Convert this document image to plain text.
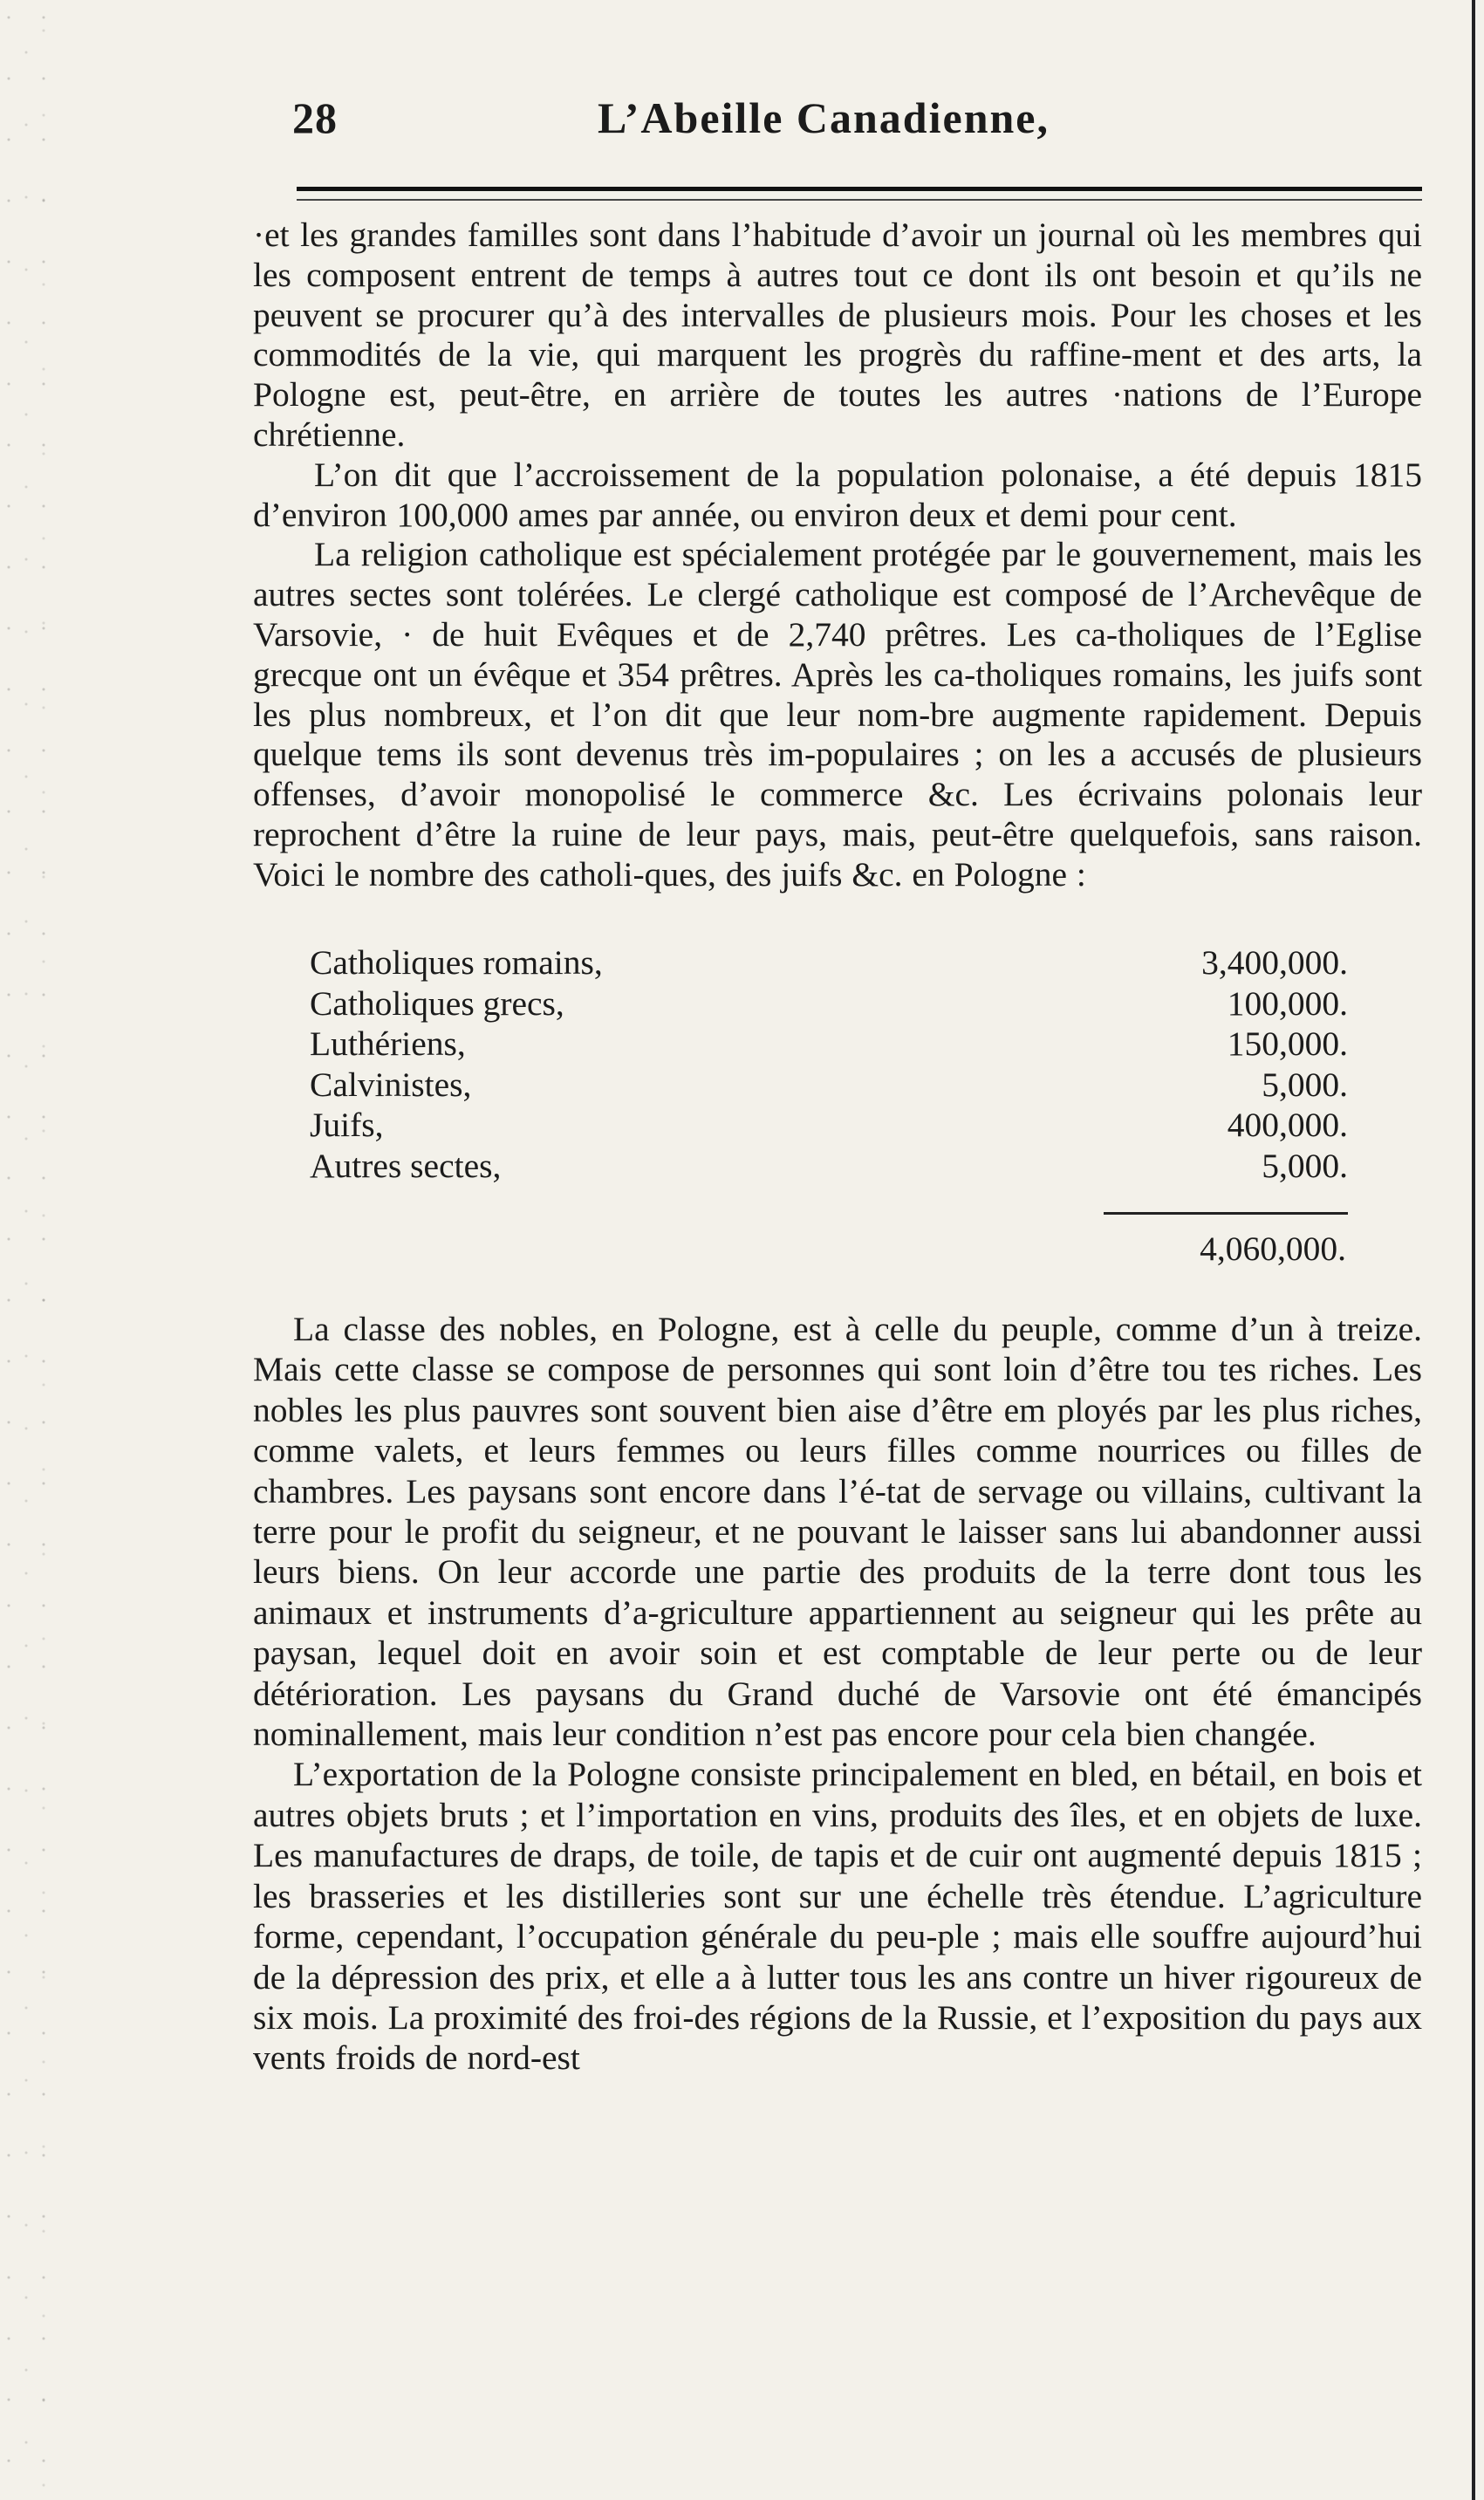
28	L’Abeille Canadienne,

·et les grandes familles sont dans l’habitude d’avoir un journal où les membres qui les composent entrent de temps à autres tout ce dont ils ont besoin et qu’ils ne peuvent se procurer qu’à des intervalles de plusieurs mois. Pour les choses et les commodités de la vie, qui marquent les progrès du raffine-ment et des arts, la Pologne est, peut-être, en arrière de toutes les autres ·nations de l’Europe chrétienne.

L’on dit que l’accroissement de la population polonaise, a été depuis 1815 d’environ 100,000 ames par année, ou environ deux et demi pour cent.

La religion catholique est spécialement protégée par le gouvernement, mais les autres sectes sont tolérées. Le clergé catholique est composé de l’Archevêque de Varsovie, · de huit Evêques et de 2,740 prêtres. Les ca-tholiques de l’Eglise grecque ont un évêque et 354 prêtres. Après les ca-tholiques romains, les juifs sont les plus nombreux, et l’on dit que leur nom-bre augmente rapidement. Depuis quelque tems ils sont devenus très im-populaires ; on les a accusés de plusieurs offenses, d’avoir monopolisé le commerce &c. Les écrivains polonais leur reprochent d’être la ruine de leur pays, mais, peut-être quelquefois, sans raison. Voici le nombre des catholi-ques, des juifs &c. en Pologne :

Catholiques romains,	3,400,000.
Catholiques grecs,	100,000.
Luthériens,	150,000.
Calvinistes,	5,000.
Juifs,	400,000.
Autres sectes,	5,000.
4,060,000.

La classe des nobles, en Pologne, est à celle du peuple, comme d’un à treize. Mais cette classe se compose de personnes qui sont loin d’être tou tes riches. Les nobles les plus pauvres sont souvent bien aise d’être em ployés par les plus riches, comme valets, et leurs femmes ou leurs filles comme nourrices ou filles de chambres. Les paysans sont encore dans l’é-tat de servage ou villains, cultivant la terre pour le profit du seigneur, et ne pouvant le laisser sans lui abandonner aussi leurs biens. On leur accorde une partie des produits de la terre dont tous les animaux et instruments d’a-griculture appartiennent au seigneur qui les prête au paysan, lequel doit en avoir soin et est comptable de leur perte ou de leur détérioration. Les paysans du Grand duché de Varsovie ont été émancipés nominallement, mais leur condition n’est pas encore pour cela bien changée.

L’exportation de la Pologne consiste principalement en bled, en bétail, en bois et autres objets bruts ; et l’importation en vins, produits des îles, et en objets de luxe. Les manufactures de draps, de toile, de tapis et de cuir ont augmenté depuis 1815 ; les brasseries et les distilleries sont sur une échelle très étendue. L’agriculture forme, cependant, l’occupation générale du peu-ple ; mais elle souffre aujourd’hui de la dépression des prix, et elle a à lutter tous les ans contre un hiver rigoureux de six mois. La proximité des froi-des régions de la Russie, et l’exposition du pays aux vents froids de nord-est
